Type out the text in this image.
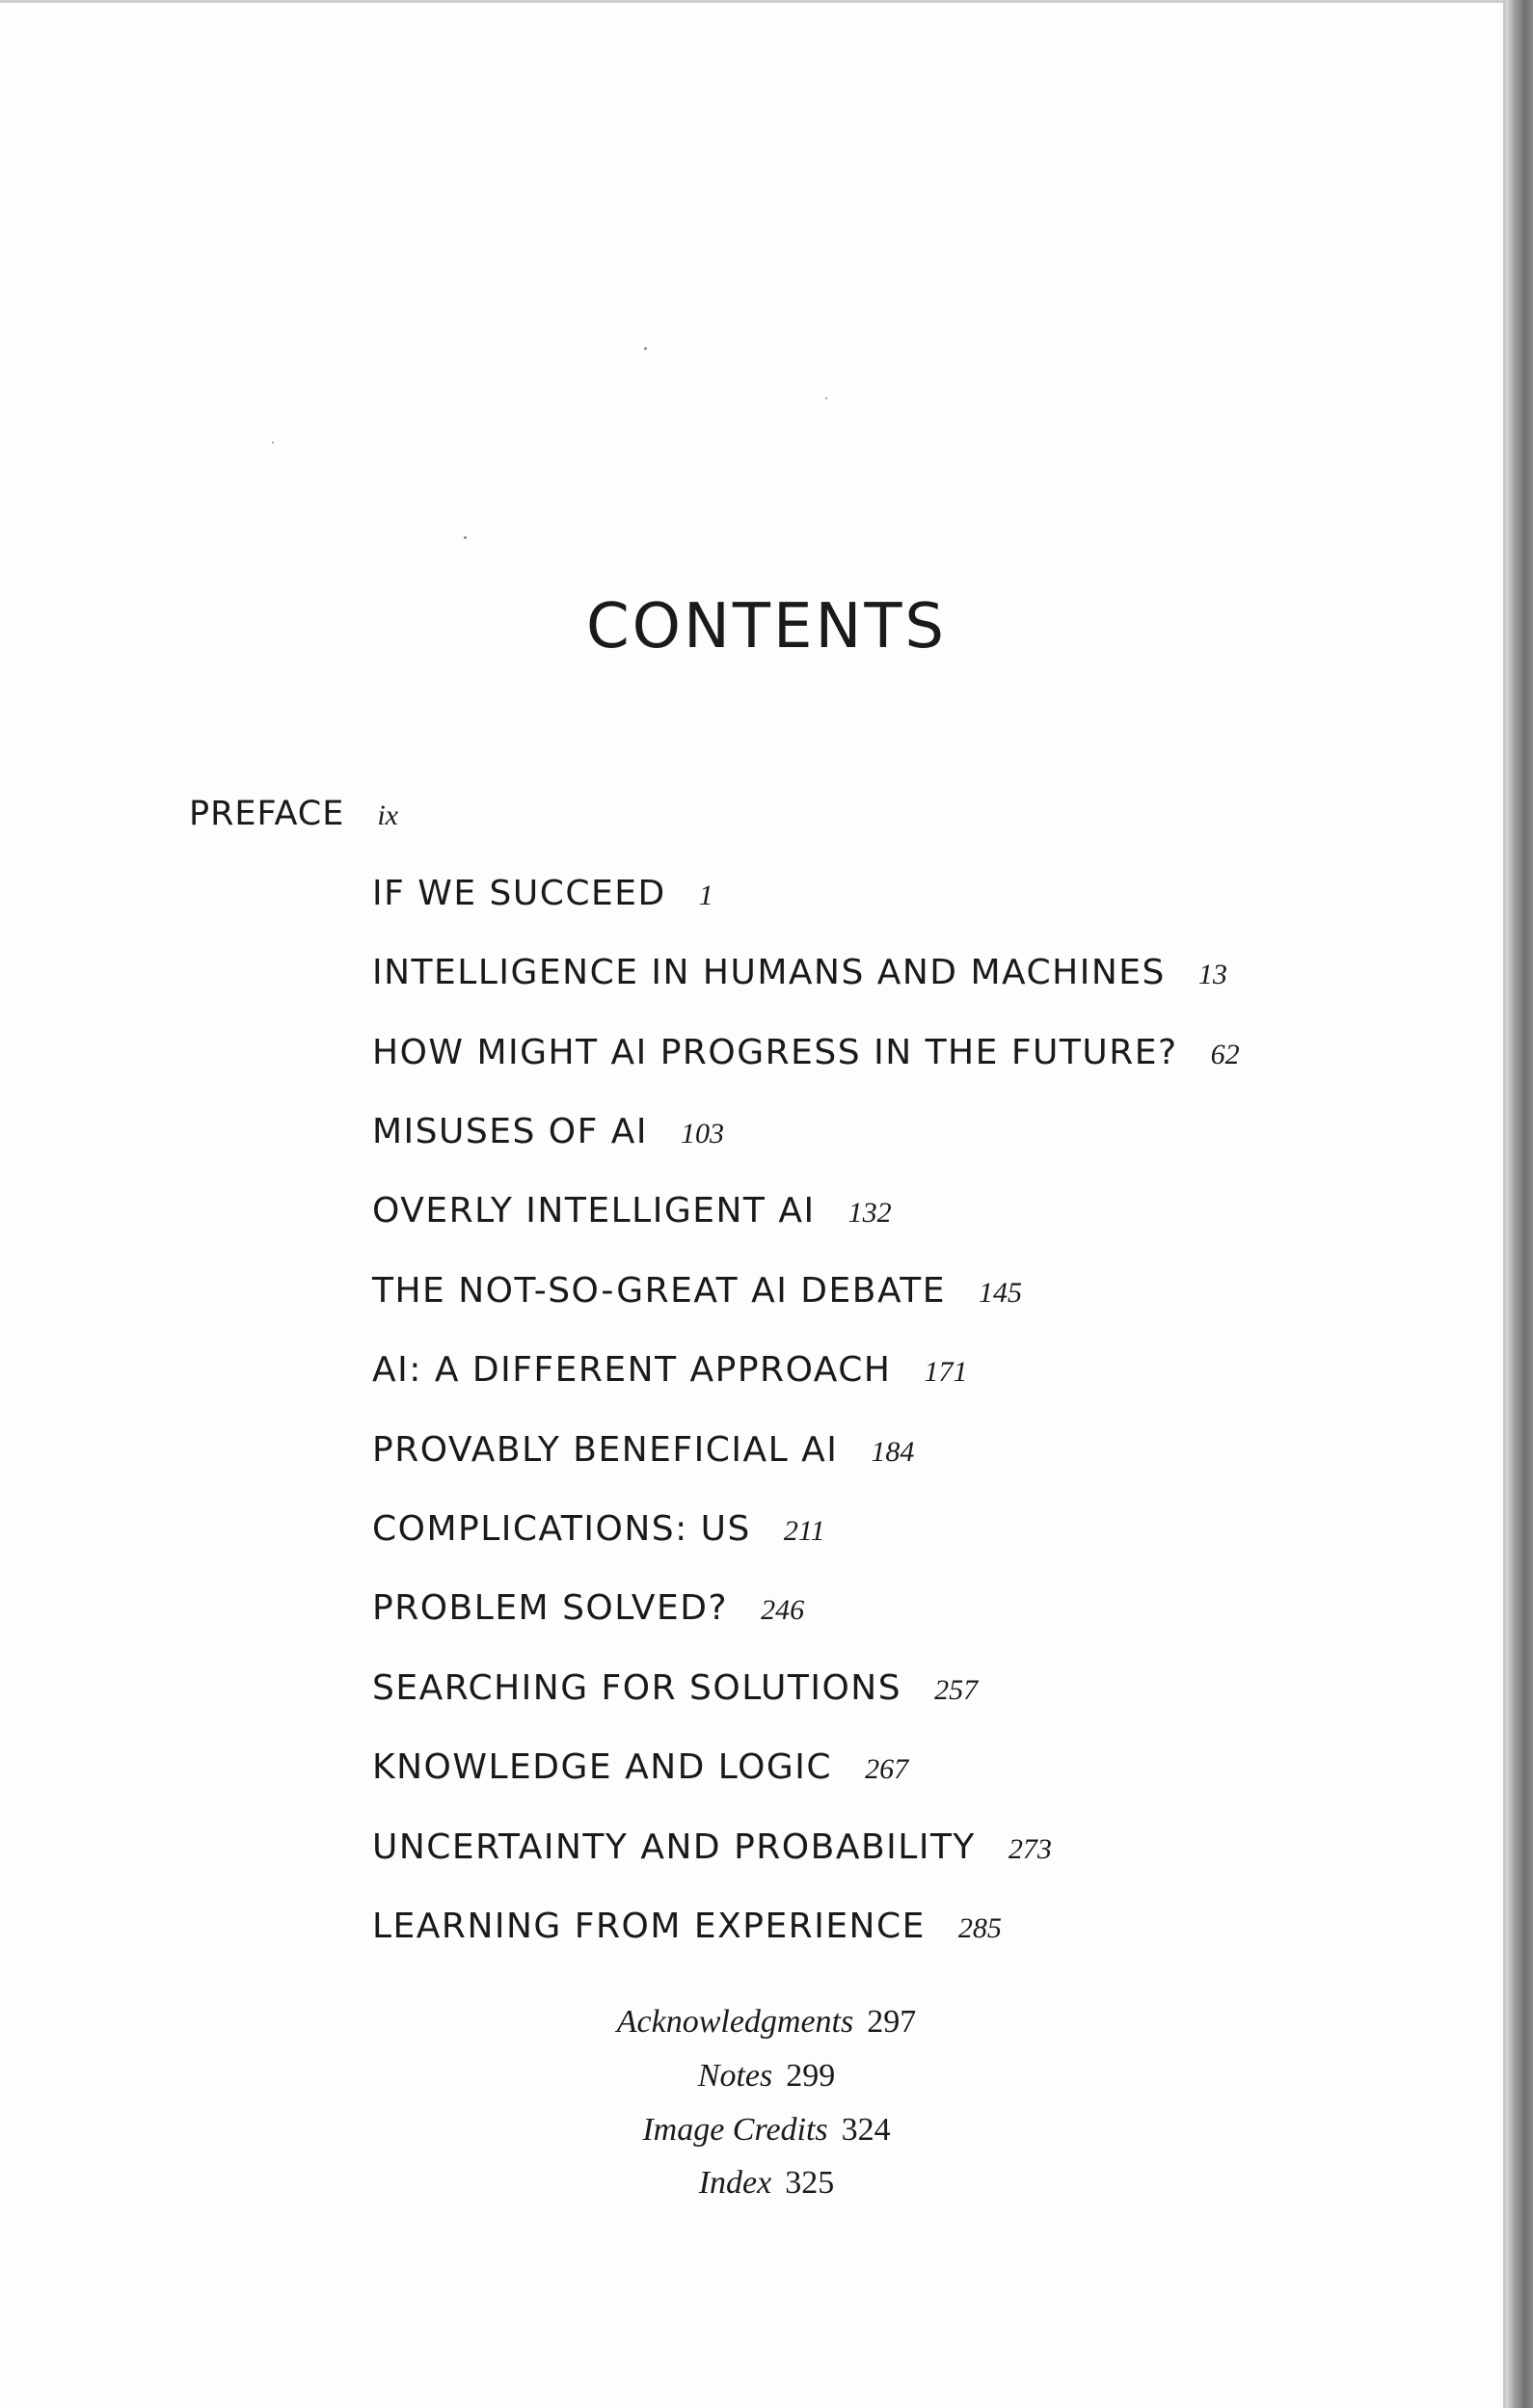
CONTENTS
PREFACE ix
IF WE SUCCEED 1
INTELLIGENCE IN HUMANS AND MACHINES 13
HOW MIGHT AI PROGRESS IN THE FUTURE? 62
MISUSES OF AI 103
OVERLY INTELLIGENT AI 132
THE NOT-SO-GREAT AI DEBATE 145
AI: A DIFFERENT APPROACH 171
PROVABLY BENEFICIAL AI 184
COMPLICATIONS: US 211
PROBLEM SOLVED? 246
SEARCHING FOR SOLUTIONS 257
KNOWLEDGE AND LOGIC 267
UNCERTAINTY AND PROBABILITY 273
LEARNING FROM EXPERIENCE 285
Acknowledgments 297
Notes 299
Image Credits 324
Index 325
